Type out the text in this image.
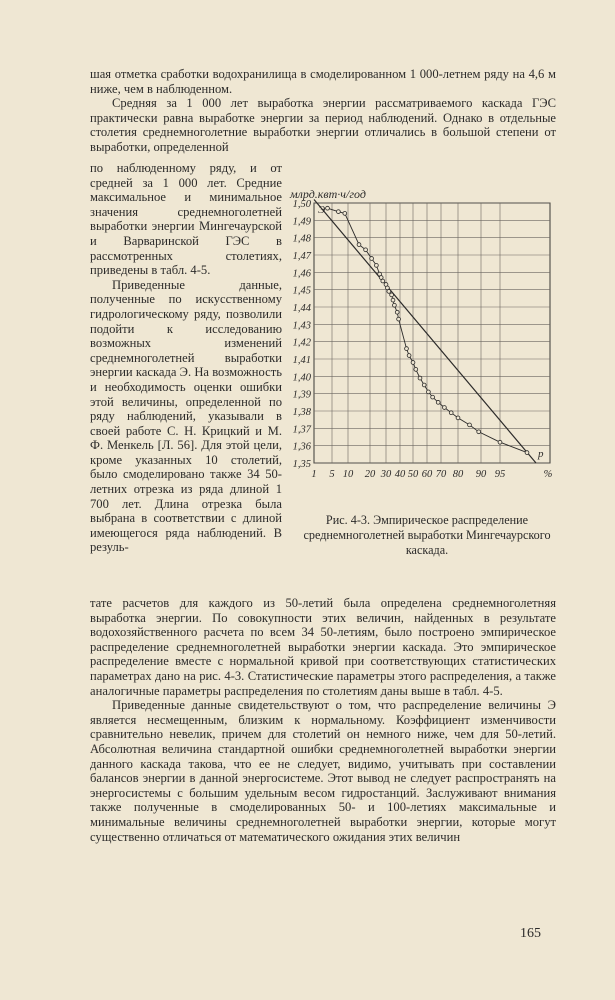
шая отметка сработки водохранилища в смоделированном 1 000-летнем ряду на 4,6 м ниже, чем в наблюденном.

Средняя за 1 000 лет выработка энергии рассматриваемого каскада ГЭС практически равна выработке энергии за период наблюдений. Однако в отдельные столетия среднемноголетние выработки энергии отличались в большой степени от выработки, определенной

по наблюденному ряду, и от средней за 1 000 лет. Средние максимальное и минимальное значения среднемноголетней выработки энергии Мингечаурской и Варваринской ГЭС в рассмотренных столетиях, приведены в табл. 4-5.

Приведенные данные, полученные по искусственному гидрологическому ряду, позволили подойти к исследованию возможных изменений среднемноголетней выработки энергии каскада Э. На возможность и необходимость оценки ошибки этой величины, определенной по ряду наблюдений, указывали в своей работе С. Н. Крицкий и М. Ф. Менкель [Л. 56]. Для этой цели, кроме указанных 10 столетий, было смоделировано также 34 50-летних отрезка из ряда длиной 1 700 лет. Длина отрезка была выбрана в соответствии с длиной имеющегося ряда наблюдений. В резуль-

млрд.квт·ч/год
1,50
1,49
1,48
1,47
1,46
1,45
1,44
1,43
1,42
1,41
1,40
1,39
1,38
1,37
1,36
1,35
1 5 10 20 30 40 50 60 70 80 90 95	%
Э
р

Рис. 4-3. Эмпирическое распределение среднемноголетней выработки Мингечаурского каскада.

тате расчетов для каждого из 50-летий была определена среднемноголетняя выработка энергии. По совокупности этих величин, найденных в результате водохозяйственного расчета по всем 34 50-летиям, было построено эмпирическое распределение среднемноголетней выработки энергии каскада. Это эмпирическое распределение вместе с нормальной кривой при соответствующих статистических параметрах дано на рис. 4-3. Статистические параметры этого распределения, а также аналогичные параметры распределения по столетиям даны выше в табл. 4-5.

Приведенные данные свидетельствуют о том, что распределение величины Э является несмещенным, близким к нормальному. Коэффициент изменчивости сравнительно невелик, причем для столетий он немного ниже, чем для 50-летий. Абсолютная величина стандартной ошибки среднемноголетней выработки энергии данного каскада такова, что ее не следует, видимо, учитывать при составлении балансов энергии в данной энергосистеме. Этот вывод не следует распространять на энергосистемы с большим удельным весом гидростанций. Заслуживают внимания также полученные в смоделированных 50- и 100-летиях максимальные и минимальные величины среднемноголетней выработки энергии, которые могут существенно отличаться от математического ожидания этих величин

165
